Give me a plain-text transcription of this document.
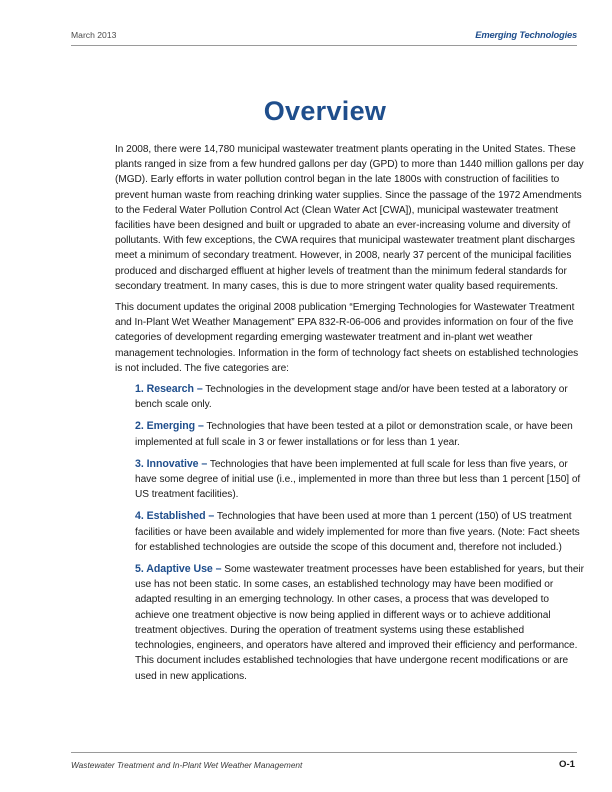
March 2013	Emerging Technologies
Overview

In 2008, there were 14,780 municipal wastewater treatment plants operating in the United States. These plants ranged in size from a few hundred gallons per day (GPD) to more than 1440 million gallons per day (MGD). Early efforts in water pollution control began in the late 1800s with construction of facilities to prevent human waste from reaching drinking water supplies. Since the passage of the 1972 Amendments to the Federal Water Pollution Control Act (Clean Water Act [CWA]), municipal wastewater treatment facilities have been designed and built or upgraded to abate an ever-increasing volume and diversity of pollutants. With few exceptions, the CWA requires that municipal wastewater treatment plant discharges meet a minimum of secondary treatment. However, in 2008, nearly 37 percent of the municipal facilities produced and discharged effluent at higher levels of treatment than the minimum federal standards for secondary treatment. In many cases, this is due to more stringent water quality based requirements.

This document updates the original 2008 publication “Emerging Technologies for Wastewater Treatment and In-Plant Wet Weather Management” EPA 832-R-06-006 and provides information on four of the five categories of development regarding emerging wastewater treatment and in-plant wet weather management technologies. Information in the form of technology fact sheets on established technologies is not included. The five categories are:

1. Research – Technologies in the development stage and/or have been tested at a laboratory or bench scale only.
2. Emerging – Technologies that have been tested at a pilot or demonstration scale, or have been implemented at full scale in 3 or fewer installations or for less than 1 year.
3. Innovative – Technologies that have been implemented at full scale for less than five years, or have some degree of initial use (i.e., implemented in more than three but less than 1 percent [150] of US treatment facilities).
4. Established – Technologies that have been used at more than 1 percent (150) of US treatment facilities or have been available and widely implemented for more than five years. (Note: Fact sheets for established technologies are outside the scope of this document and, therefore not included.)
5. Adaptive Use – Some wastewater treatment processes have been established for years, but their use has not been static. In some cases, an established technology may have been modified or adapted resulting in an emerging technology. In other cases, a process that was developed to achieve one treatment objective is now being applied in different ways or to achieve additional treatment objectives. During the operation of treatment systems using these established technologies, engineers, and operators have altered and improved their efficiency and performance. This document includes established technologies that have undergone recent modifications or are used in new applications.
Wastewater Treatment and In-Plant Wet Weather Management	O-1
